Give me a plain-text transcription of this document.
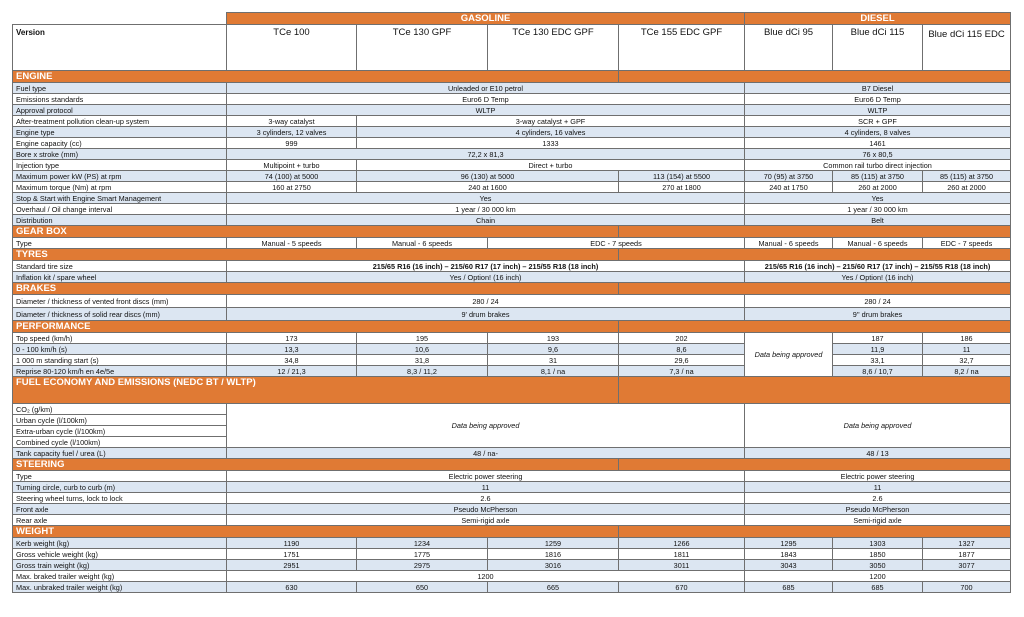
	GASOLINE				DIESEL		
Version	TCe 100	TCe 130 GPF	TCe 130 EDC GPF	TCe 155 EDC GPF	Blue dCi 95	Blue dCi 115	Blue dCi 115 EDC
ENGINE							
Fuel type	Unleaded or E10 petrol				B7 Diesel		
Emissions standards	Euro6 D Temp				Euro6 D Temp		
Approval protocol	WLTP				WLTP		
After-treatment pollution clean-up system	3-way catalyst	3-way catalyst + GPF			SCR + GPF		
Engine type	3 cylinders, 12 valves	4 cylinders, 16 valves			4 cylinders, 8 valves		
Engine capacity (cc)	999	1333			1461		
Bore x stroke (mm)	72,2 x 81,3				76 x 80,5		
Injection type	Multipoint + turbo	Direct + turbo			Common rail turbo direct injection		
Maximum power kW (PS) at rpm	74 (100) at 5000	96 (130) at 5000		113 (154) at 5500	70 (95) at 3750	85 (115) at 3750	85 (115) at 3750
Maximum torque (Nm) at rpm	160 at 2750	240 at 1600		270 at 1800	240 at 1750	260 at 2000	260 at 2000
Stop & Start with Engine Smart Management	Yes				Yes		
Overhaul / Oil change interval	1 year / 30 000 km				1 year / 30 000 km		
Distribution	Chain				Belt		
GEAR BOX							
Type	Manual - 5 speeds	Manual - 6 speeds	EDC - 7 speeds		Manual - 6 speeds	Manual - 6 speeds	EDC - 7 speeds
TYRES							
Standard tire size	215/65 R16 (16 inch) – 215/60 R17 (17 inch) – 215/55 R18 (18 inch)				215/65 R16 (16 inch) – 215/60 R17 (17 inch) – 215/55 R18 (18 inch)		
Inflation kit / spare wheel	Yes / Option! (16 inch)				Yes / Option! (16 inch)		
BRAKES							
Diameter / thickness of vented front discs (mm)	280 / 24				280 / 24		
Diameter / thickness of solid rear discs (mm)	9' drum brakes				9'' drum brakes		
PERFORMANCE							
Top speed (km/h)	173	195	193	202	Data being approved	187	186
0 - 100 km/h (s)	13,3	10,6	9,6	8,6		11,9	11
1 000 m standing start (s)	34,8	31,8	31	29,6		33,1	32,7
Reprise 80-120 km/h en 4e/5e	12 / 21,3	8,3 / 11,2	8,1 / na	7,3 / na		8,6 / 10,7	8,2 / na
FUEL ECONOMY AND EMISSIONS (NEDC BT / WLTP)							
CO₂ (g/km)	Data being approved				Data being approved		
Urban cycle (l/100km)							
Extra-urban cycle (l/100km)							
Combined cycle (l/100km)							
Tank capacity fuel / urea (L)	48 / na-				48 / 13		
STEERING							
Type	Electric power steering				Electric power steering		
Turning circle, curb to curb (m)	11				11		
Steering wheel turns, lock to lock	2.6				2.6		
Front axle	Pseudo McPherson				Pseudo McPherson		
Rear axle	Semi-rigid axle				Semi-rigid axle		
WEIGHT							
Kerb weight (kg)	1190	1234	1259	1266	1295	1303	1327
Gross vehicle weight (kg)	1751	1775	1816	1811	1843	1850	1877
Gross train weight (kg)	2951	2975	3016	3011	3043	3050	3077
Max. braked trailer weight (kg)	1200				1200		
Max. unbraked trailer weight (kg)	630	650	665	670	685	685	700
